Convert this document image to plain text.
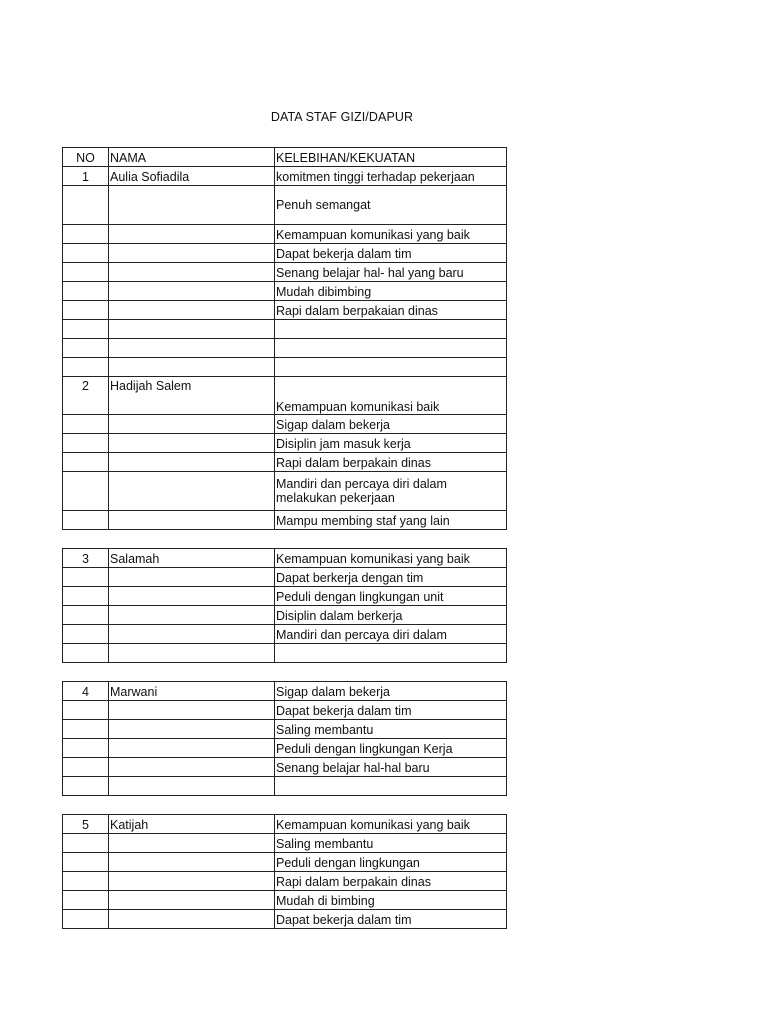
DATA STAF GIZI/DAPUR
NO	NAMA	KELEBIHAN/KEKUATAN
1	Aulia Sofiadila	komitmen tinggi terhadap pekerjaan
		Penuh semangat
		Kemampuan komunikasi yang baik
		Dapat bekerja dalam tim
		Senang belajar hal- hal yang baru
		Mudah dibimbing
		Rapi dalam berpakaian dinas

2	Hadijah Salem	Kemampuan komunikasi baik
		Sigap dalam bekerja
		Disiplin jam masuk kerja
		Rapi dalam berpakain dinas
		Mandiri dan percaya diri dalam melakukan pekerjaan
		Mampu membing staf yang lain

3	Salamah	Kemampuan komunikasi yang baik
		Dapat berkerja dengan tim
		Peduli dengan lingkungan unit
		Disiplin dalam berkerja
		Mandiri dan percaya diri dalam

4	Marwani	Sigap dalam bekerja
		Dapat bekerja dalam tim
		Saling membantu
		Peduli dengan lingkungan Kerja
		Senang belajar hal-hal baru

5	Katijah	Kemampuan komunikasi yang baik
		Saling membantu
		Peduli dengan lingkungan
		Rapi dalam berpakain dinas
		Mudah di bimbing
		Dapat bekerja dalam tim
